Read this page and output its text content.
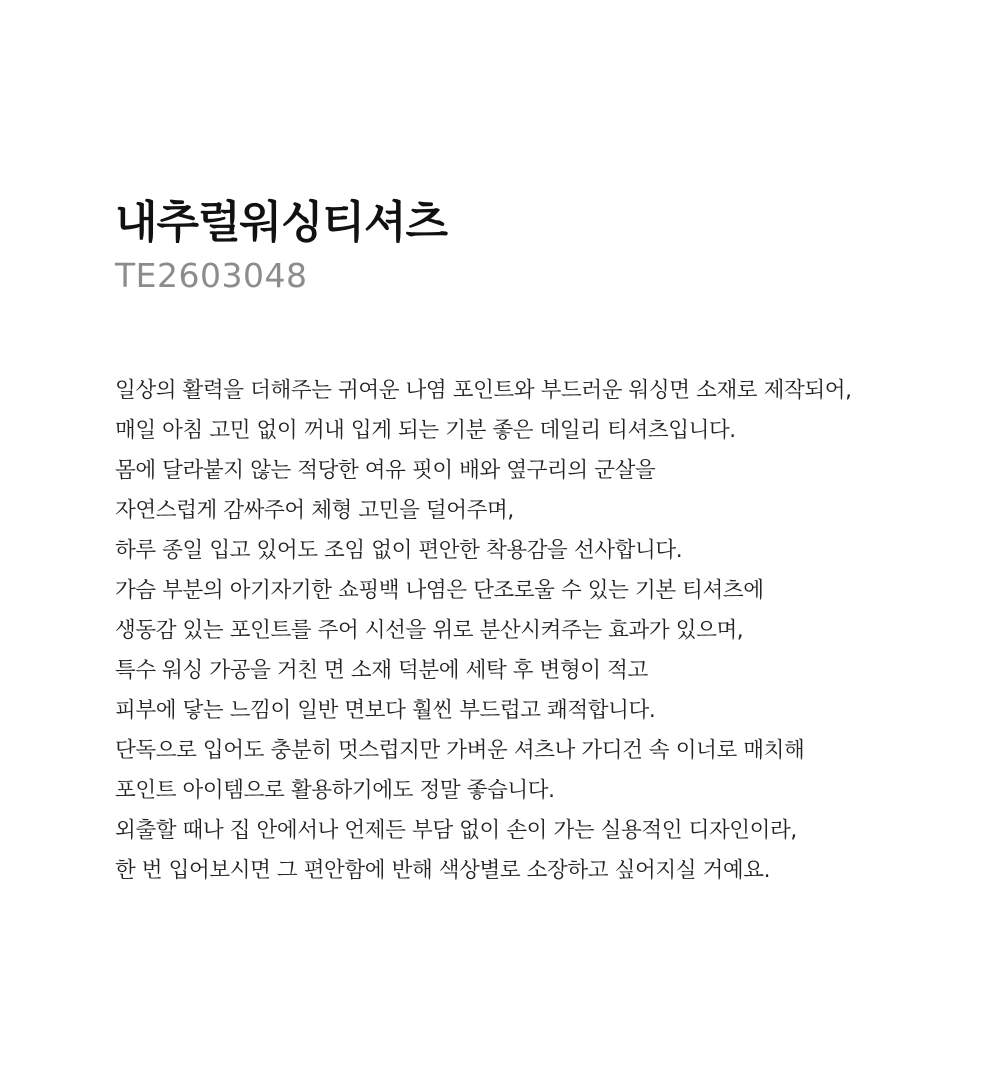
내추럴워싱티셔츠

TE2603048

일상의 활력을 더해주는 귀여운 나염 포인트와 부드러운 워싱면 소재로 제작되어,
매일 아침 고민 없이 꺼내 입게 되는 기분 좋은 데일리 티셔츠입니다.
몸에 달라붙지 않는 적당한 여유 핏이 배와 옆구리의 군살을
자연스럽게 감싸주어 체형 고민을 덜어주며,
하루 종일 입고 있어도 조임 없이 편안한 착용감을 선사합니다.
가슴 부분의 아기자기한 쇼핑백 나염은 단조로울 수 있는 기본 티셔츠에
생동감 있는 포인트를 주어 시선을 위로 분산시켜주는 효과가 있으며,
특수 워싱 가공을 거친 면 소재 덕분에 세탁 후 변형이 적고
피부에 닿는 느낌이 일반 면보다 훨씬 부드럽고 쾌적합니다.
단독으로 입어도 충분히 멋스럽지만 가벼운 셔츠나 가디건 속 이너로 매치해
포인트 아이템으로 활용하기에도 정말 좋습니다.
외출할 때나 집 안에서나 언제든 부담 없이 손이 가는 실용적인 디자인이라,
한 번 입어보시면 그 편안함에 반해 색상별로 소장하고 싶어지실 거예요.
